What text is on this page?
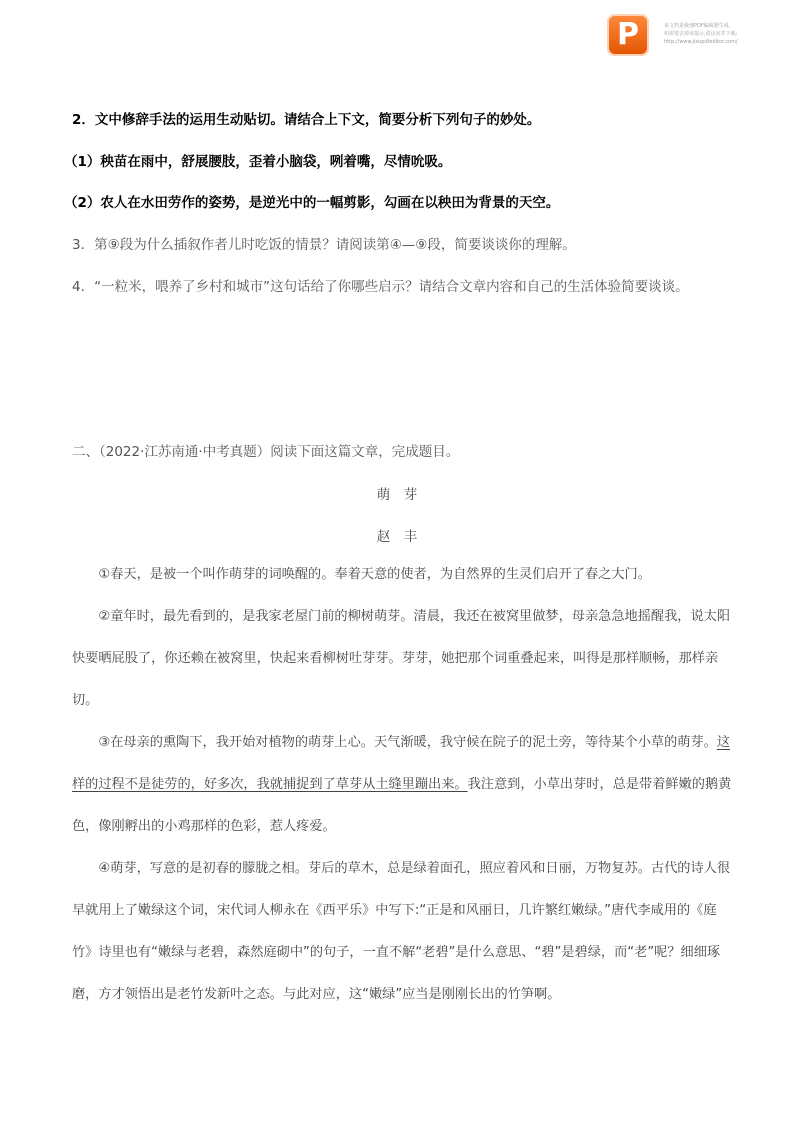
P	该文档是极速PDF编辑器生成,
如需要去掉该提示,请访问并下载:
http://www.jisupdfeditor.com/
2．文中修辞手法的运用生动贴切。请结合上下文，简要分析下列句子的妙处。
（1）秧苗在雨中，舒展腰肢，歪着小脑袋，咧着嘴，尽情吮吸。
（2）农人在水田劳作的姿势，是逆光中的一幅剪影，勾画在以秧田为背景的天空。
3．第⑨段为什么插叙作者儿时吃饭的情景？请阅读第④—⑨段，简要谈谈你的理解。
4．“一粒米，喂养了乡村和城市”这句话给了你哪些启示？请结合文章内容和自己的生活体验简要谈谈。
二、（2022·江苏南通·中考真题）阅读下面这篇文章，完成题目。
萌　芽
赵　丰

①春天，是被一个叫作萌芽的词唤醒的。奉着天意的使者，为自然界的生灵们启开了春之大门。

②童年时，最先看到的，是我家老屋门前的柳树萌芽。清晨，我还在被窝里做梦，母亲急急地摇醒我，说太阳快要晒屁股了，你还赖在被窝里，快起来看柳树吐芽芽。芽芽，她把那个词重叠起来，叫得是那样顺畅，那样亲切。

③在母亲的熏陶下，我开始对植物的萌芽上心。天气渐暖，我守候在院子的泥土旁，等待某个小草的萌芽。这样的过程不是徒劳的，好多次，我就捕捉到了草芽从土缝里蹦出来。我注意到，小草出芽时，总是带着鲜嫩的鹅黄色，像刚孵出的小鸡那样的色彩，惹人疼爱。

④萌芽，写意的是初春的朦胧之相。芽后的草木，总是绿着面孔，照应着风和日丽，万物复苏。古代的诗人很早就用上了嫩绿这个词，宋代词人柳永在《西平乐》中写下:“正是和风丽日，几许繁红嫩绿。”唐代李咸用的《庭竹》诗里也有“嫩绿与老碧，森然庭砌中”的句子，一直不解“老碧”是什么意思、“碧”是碧绿，而“老”呢？细细琢磨，方才领悟出是老竹发新叶之态。与此对应，这“嫩绿”应当是刚刚长出的竹笋啊。
